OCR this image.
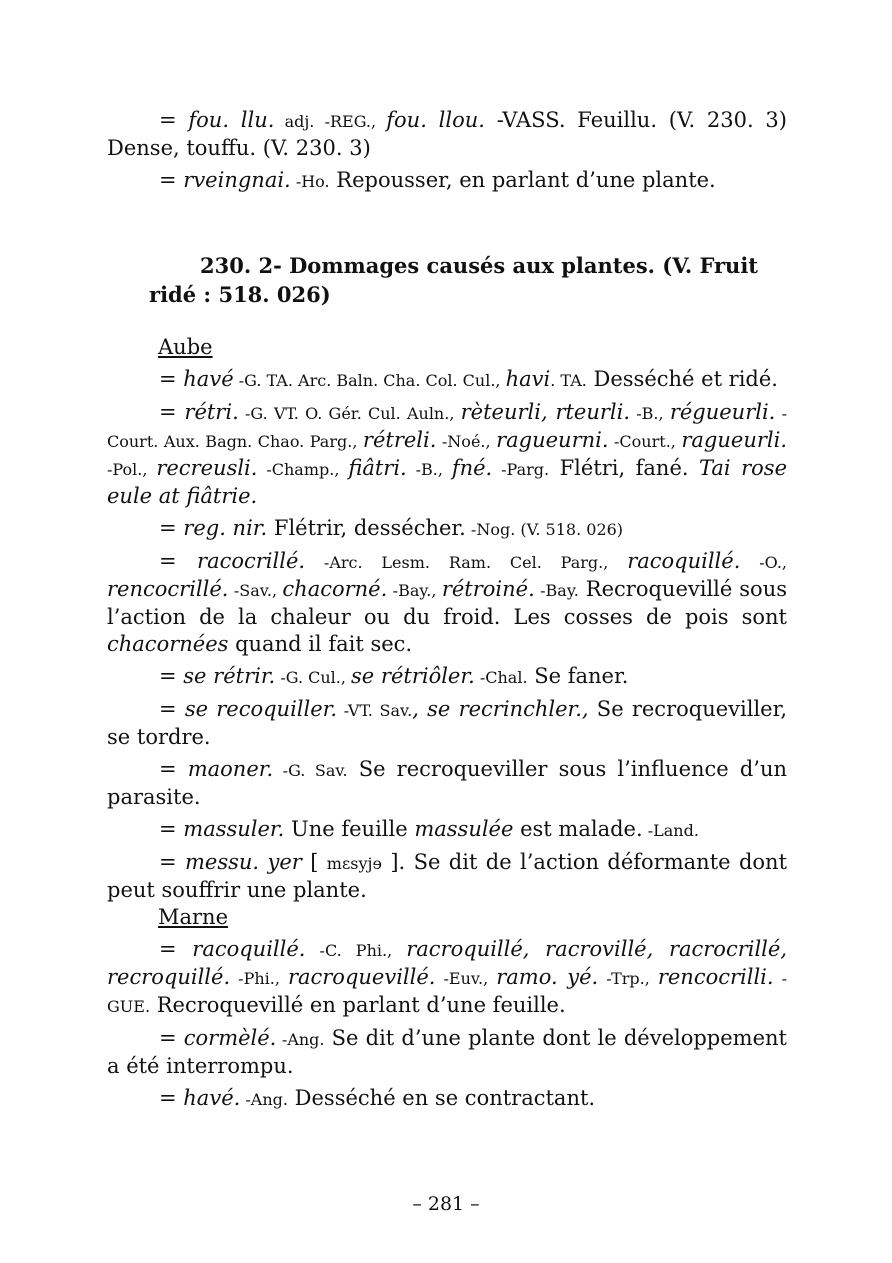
= fou. llu. adj. -REG., fou. llou. -VASS. Feuillu. (V. 230. 3) Dense, touffu. (V. 230. 3)

= rveingnai. -Ho. Repousser, en parlant d’une plante.

230. 2- Dommages causés aux plantes. (V. Fruit ridé : 518. 026)

Aube

= havé -G. TA. Arc. Baln. Cha. Col. Cul., havi. TA. Desséché et ridé.

= rétri. -G. VT. O. Gér. Cul. Auln., rèteurli, rteurli. -B., régueurli. -Court. Aux. Bagn. Chao. Parg., rétreli. -Noé., ragueurni. -Court., ragueurli. -Pol., recreusli. -Champ., fiâtri. -B., fné. -Parg. Flétri, fané. Tai rose eule at fiâtrie.

= reg. nir. Flétrir, dessécher. -Nog. (V. 518. 026)

= racocrillé. -Arc. Lesm. Ram. Cel. Parg., racoquillé. -O., rencocrillé. -Sav., chacorné. -Bay., rétroiné. -Bay. Recroquevillé sous l’action de la chaleur ou du froid. Les cosses de pois sont chacornées quand il fait sec.

= se rétrir. -G. Cul., se rétriôler. -Chal. Se faner.

= se recoquiller. -VT. Sav., se recrinchler., Se recroqueviller, se tordre.

= maoner. -G. Sav. Se recroqueviller sous l’influence d’un parasite.

= massuler. Une feuille massulée est malade. -Land.

= messu. yer [ mɛsyjɘ ]. Se dit de l’action déformante dont peut souffrir une plante.

Marne

= racoquillé. -C. Phi., racroquillé, racrovillé, racrocrillé, recroquillé. -Phi., racroquevillé. -Euv., ramo. yé. -Trp., rencocrilli. -GUE. Recroquevillé en parlant d’une feuille.

= cormèlé. -Ang. Se dit d’une plante dont le développement a été interrompu.

= havé. -Ang. Desséché en se contractant.

– 281 –
